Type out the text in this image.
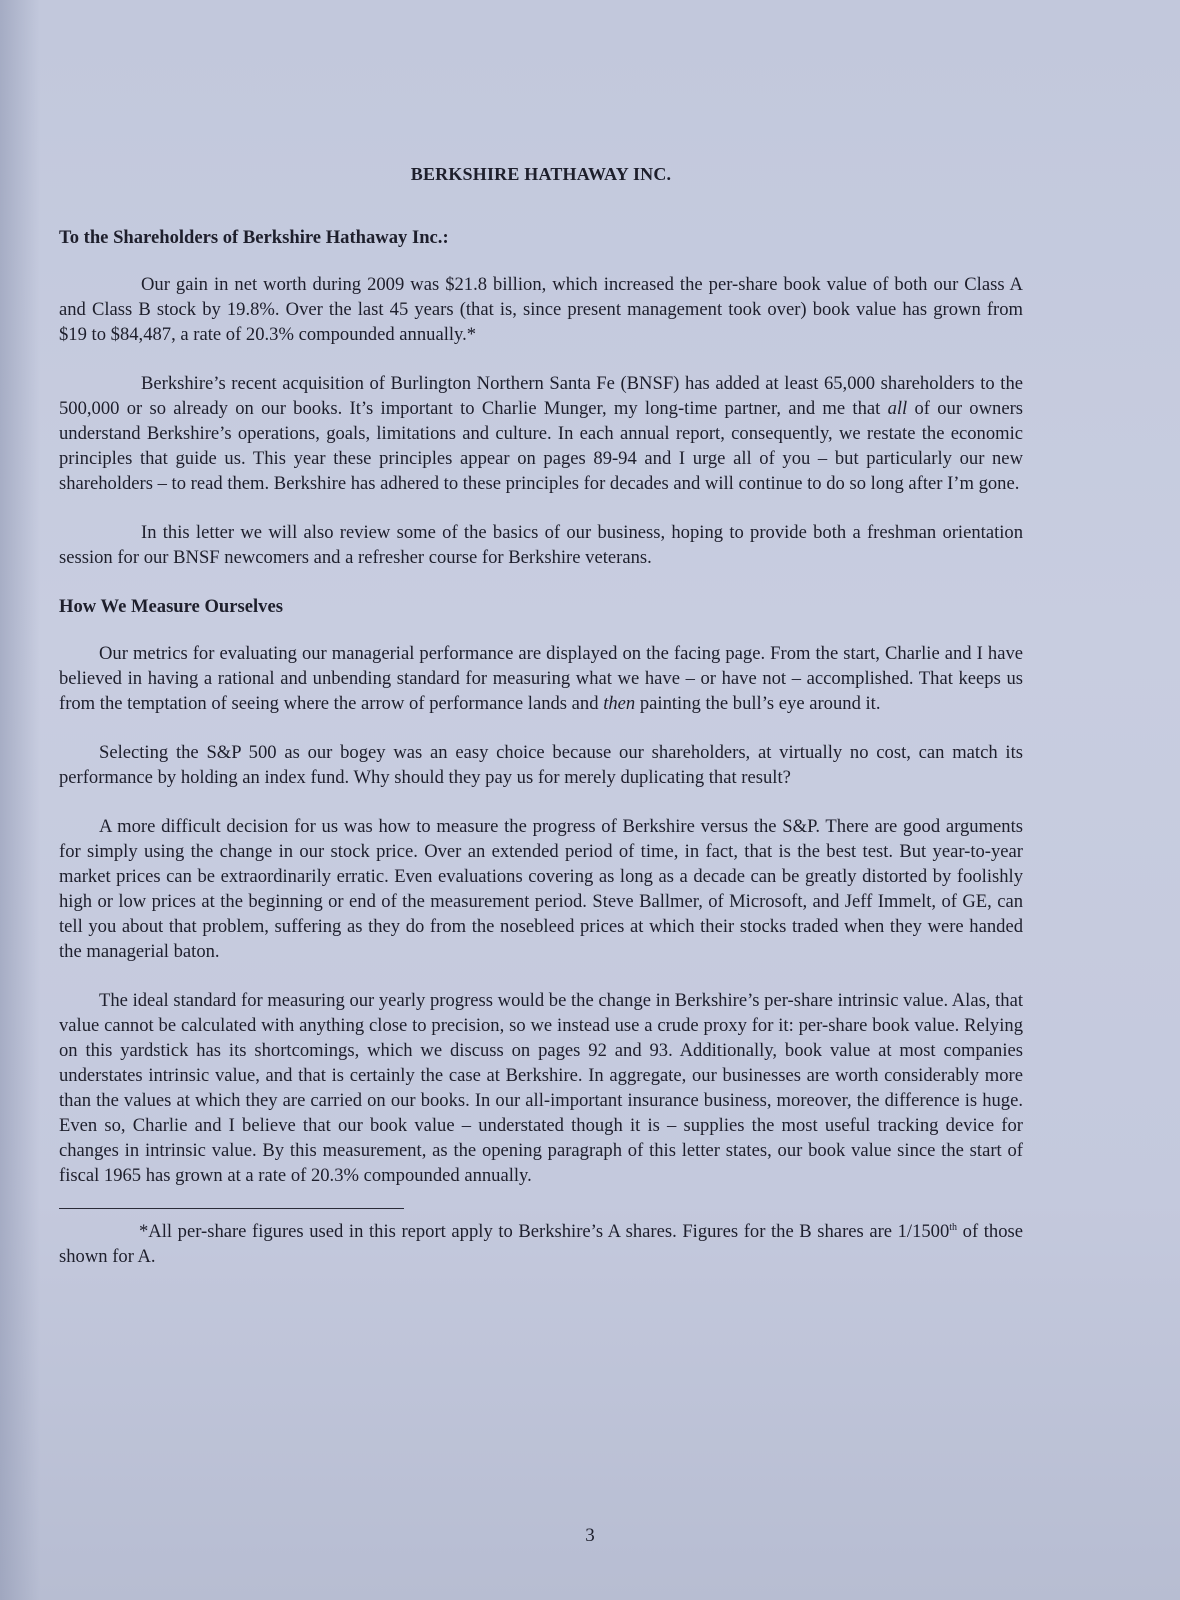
BERKSHIRE HATHAWAY INC.
To the Shareholders of Berkshire Hathaway Inc.:

Our gain in net worth during 2009 was $21.8 billion, which increased the per-share book value of both our Class A and Class B stock by 19.8%. Over the last 45 years (that is, since present management took over) book value has grown from $19 to $84,487, a rate of 20.3% compounded annually.*

Berkshire’s recent acquisition of Burlington Northern Santa Fe (BNSF) has added at least 65,000 shareholders to the 500,000 or so already on our books. It’s important to Charlie Munger, my long-time partner, and me that all of our owners understand Berkshire’s operations, goals, limitations and culture. In each annual report, consequently, we restate the economic principles that guide us. This year these principles appear on pages 89-94 and I urge all of you – but particularly our new shareholders – to read them. Berkshire has adhered to these principles for decades and will continue to do so long after I’m gone.

In this letter we will also review some of the basics of our business, hoping to provide both a freshman orientation session for our BNSF newcomers and a refresher course for Berkshire veterans.

How We Measure Ourselves

Our metrics for evaluating our managerial performance are displayed on the facing page. From the start, Charlie and I have believed in having a rational and unbending standard for measuring what we have – or have not – accomplished. That keeps us from the temptation of seeing where the arrow of performance lands and then painting the bull’s eye around it.

Selecting the S&P 500 as our bogey was an easy choice because our shareholders, at virtually no cost, can match its performance by holding an index fund. Why should they pay us for merely duplicating that result?

A more difficult decision for us was how to measure the progress of Berkshire versus the S&P. There are good arguments for simply using the change in our stock price. Over an extended period of time, in fact, that is the best test. But year-to-year market prices can be extraordinarily erratic. Even evaluations covering as long as a decade can be greatly distorted by foolishly high or low prices at the beginning or end of the measurement period. Steve Ballmer, of Microsoft, and Jeff Immelt, of GE, can tell you about that problem, suffering as they do from the nosebleed prices at which their stocks traded when they were handed the managerial baton.

The ideal standard for measuring our yearly progress would be the change in Berkshire’s per-share intrinsic value. Alas, that value cannot be calculated with anything close to precision, so we instead use a crude proxy for it: per-share book value. Relying on this yardstick has its shortcomings, which we discuss on pages 92 and 93. Additionally, book value at most companies understates intrinsic value, and that is certainly the case at Berkshire. In aggregate, our businesses are worth considerably more than the values at which they are carried on our books. In our all-important insurance business, moreover, the difference is huge. Even so, Charlie and I believe that our book value – understated though it is – supplies the most useful tracking device for changes in intrinsic value. By this measurement, as the opening paragraph of this letter states, our book value since the start of fiscal 1965 has grown at a rate of 20.3% compounded annually.

*All per-share figures used in this report apply to Berkshire’s A shares. Figures for the B shares are 1/1500th of those shown for A.

3
